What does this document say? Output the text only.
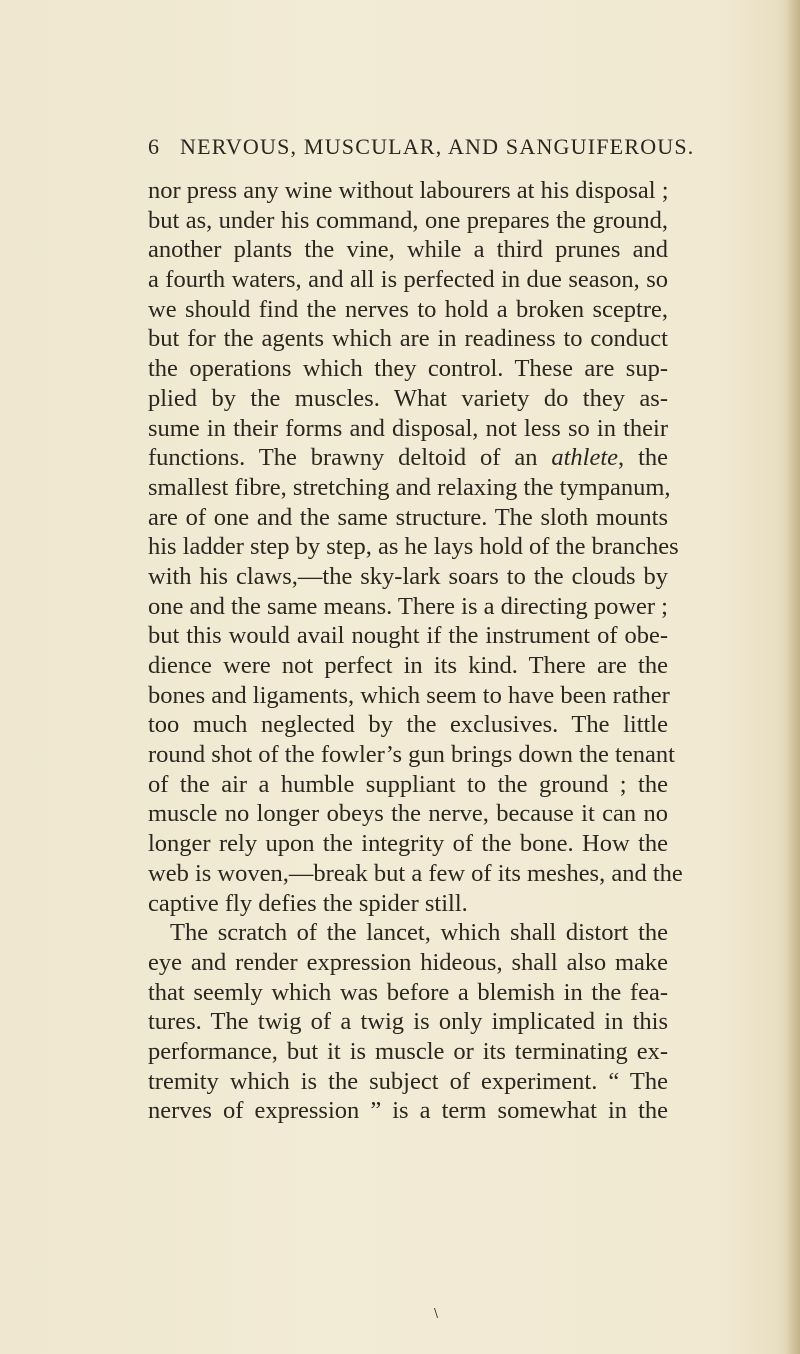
6 NERVOUS, MUSCULAR, AND SANGUIFEROUS.
nor press any wine without labourers at his disposal ;
but as, under his command, one prepares the ground,
another plants the vine, while a third prunes and
a fourth waters, and all is perfected in due season, so
we should find the nerves to hold a broken sceptre,
but for the agents which are in readiness to conduct
the operations which they control. These are sup-
plied by the muscles. What variety do they as-
sume in their forms and disposal, not less so in their
functions. The brawny deltoid of an athlete, the
smallest fibre, stretching and relaxing the tympanum,
are of one and the same structure. The sloth mounts
his ladder step by step, as he lays hold of the branches
with his claws,—the sky-lark soars to the clouds by
one and the same means. There is a directing power ;
but this would avail nought if the instrument of obe-
dience were not perfect in its kind. There are the
bones and ligaments, which seem to have been rather
too much neglected by the exclusives. The little
round shot of the fowler’s gun brings down the tenant
of the air a humble suppliant to the ground ; the
muscle no longer obeys the nerve, because it can no
longer rely upon the integrity of the bone. How the
web is woven,—break but a few of its meshes, and the
captive fly defies the spider still.
The scratch of the lancet, which shall distort the
eye and render expression hideous, shall also make
that seemly which was before a blemish in the fea-
tures. The twig of a twig is only implicated in this
performance, but it is muscle or its terminating ex-
tremity which is the subject of experiment. “ The
nerves of expression ” is a term somewhat in the
\
